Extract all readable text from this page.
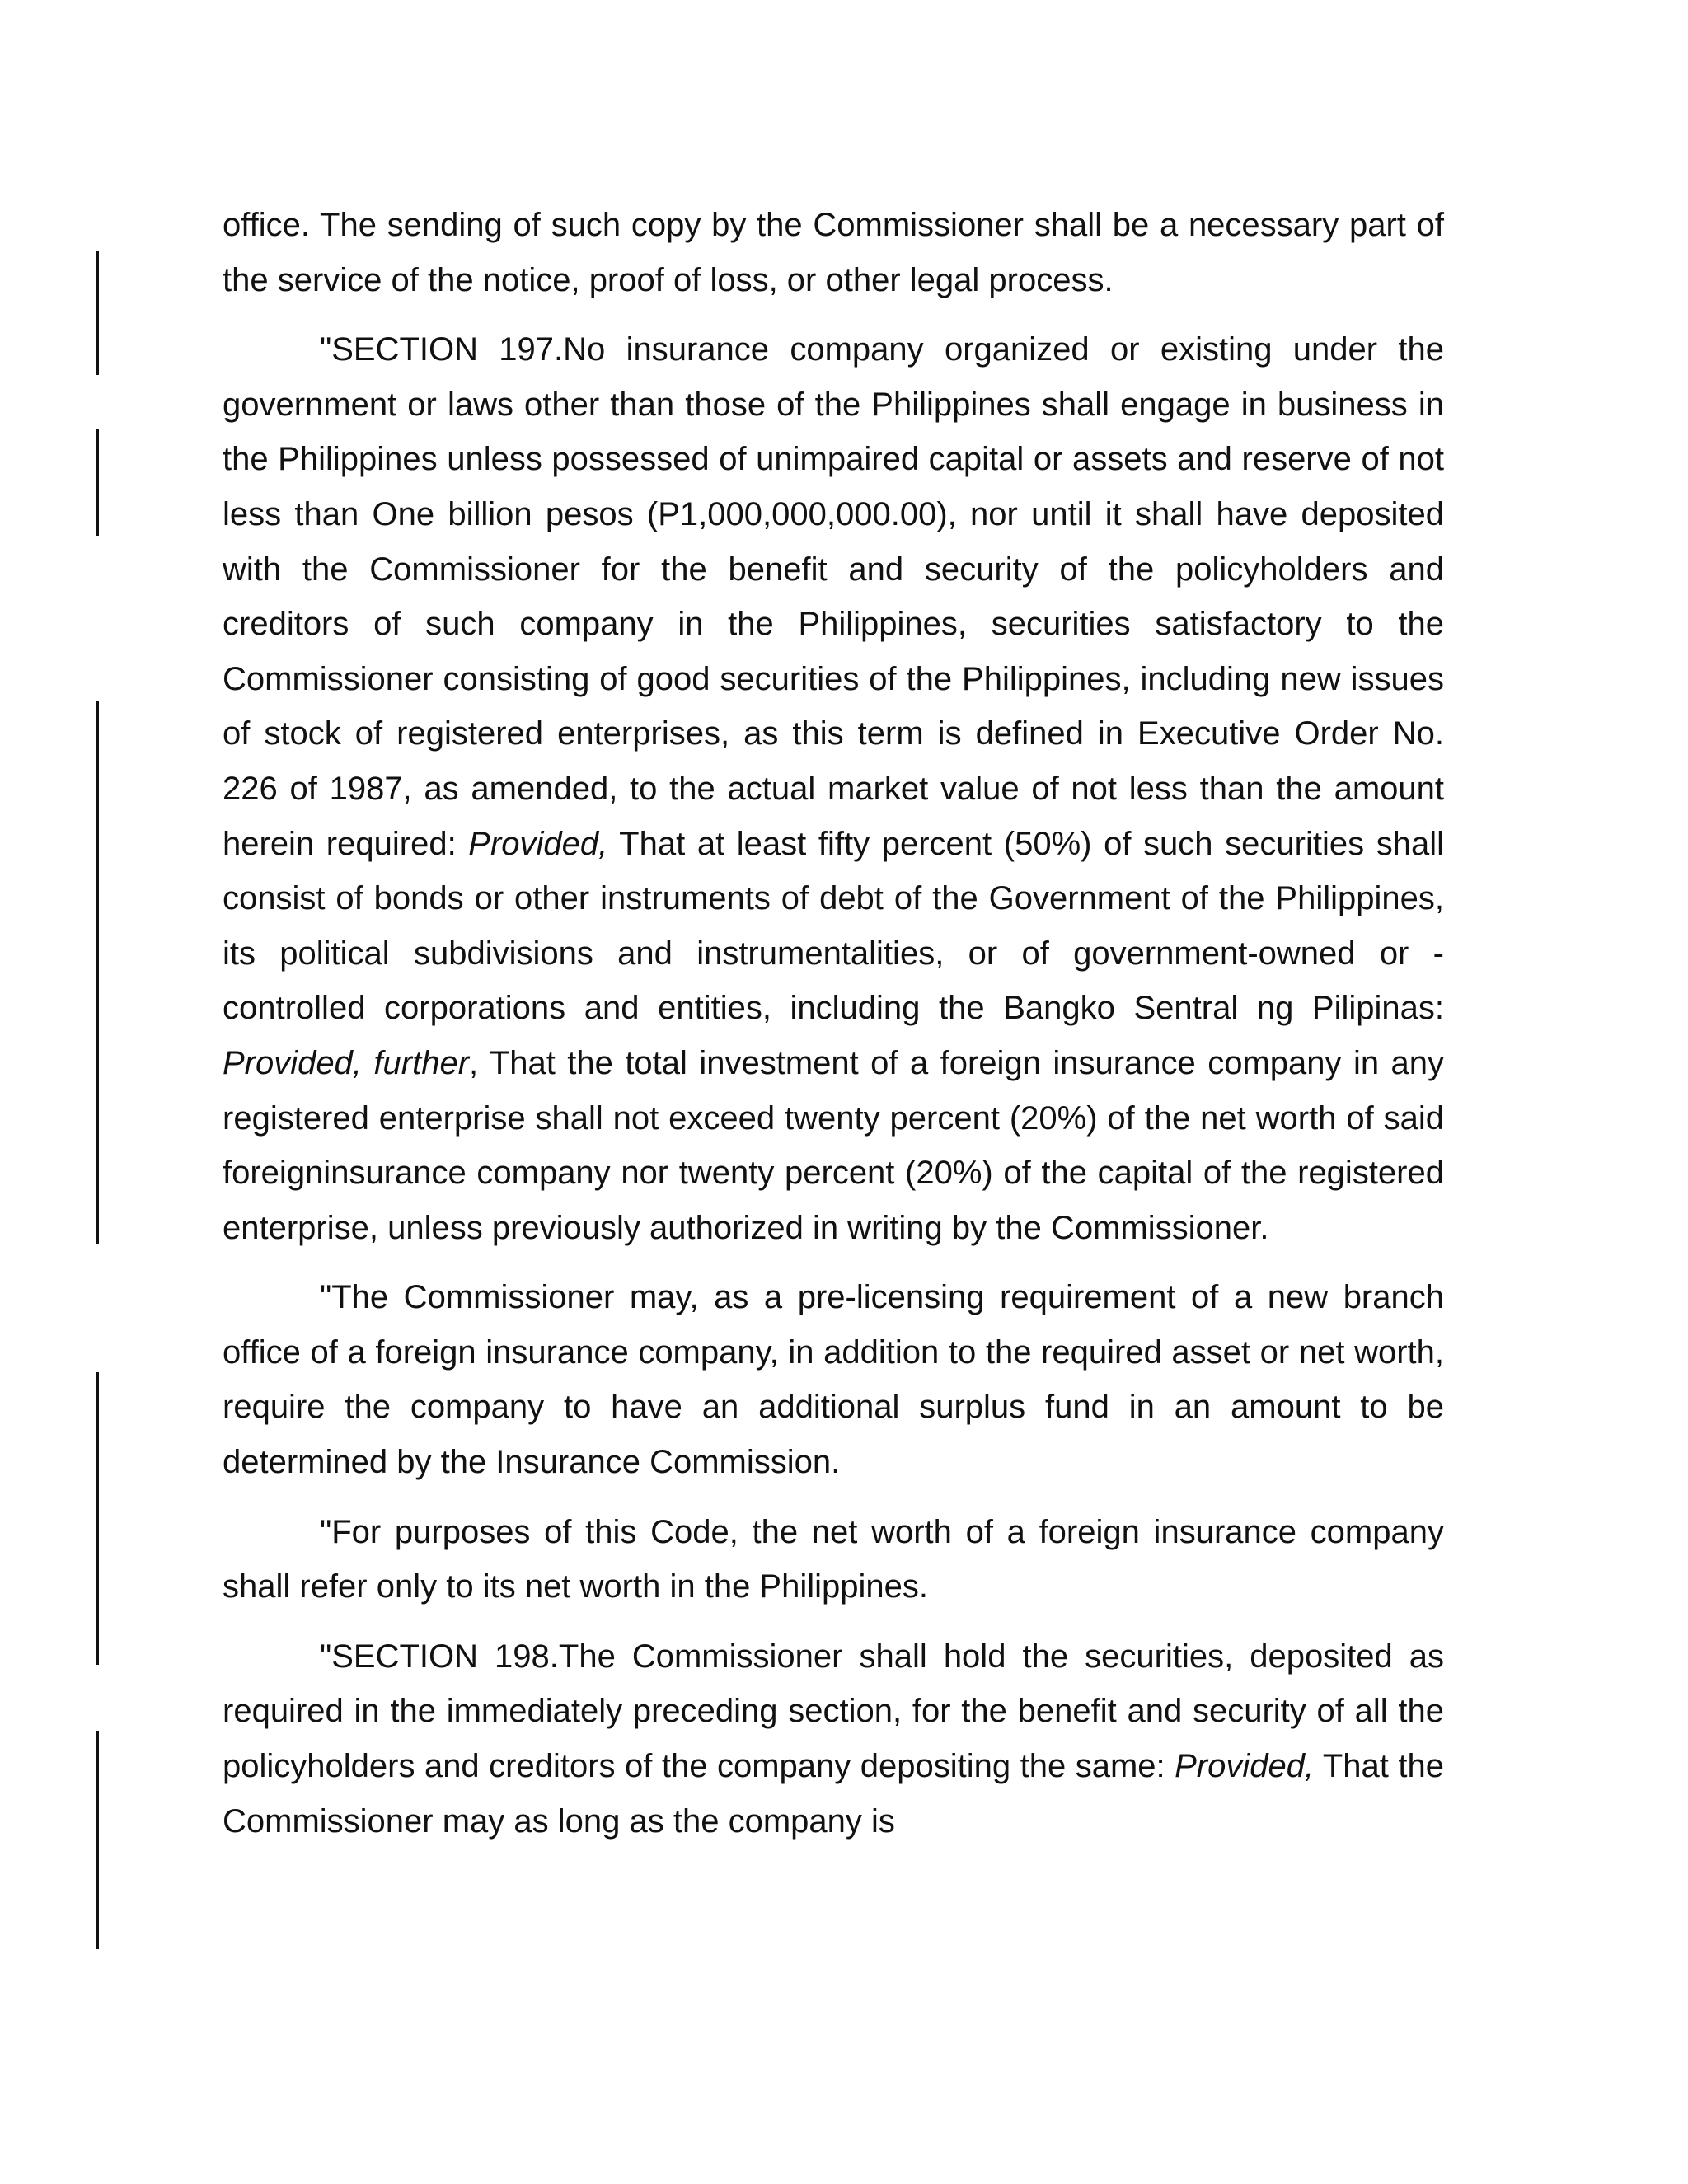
office. The sending of such copy by the Commissioner shall be a necessary part of the service of the notice, proof of loss, or other legal process.

"SECTION 197.No insurance company organized or existing under the government or laws other than those of the Philippines shall engage in business in the Philippines unless possessed of unimpaired capital or assets and reserve of not less than One billion pesos (P1,000,000,000.00), nor until it shall have deposited with the Commissioner for the benefit and security of the policyholders and creditors of such company in the Philippines, securities satisfactory to the Commissioner consisting of good securities of the Philippines, including new issues of stock of registered enterprises, as this term is defined in Executive Order No. 226 of 1987, as amended, to the actual market value of not less than the amount herein required: Provided, That at least fifty percent (50%) of such securities shall consist of bonds or other instruments of debt of the Government of the Philippines, its political subdivisions and instrumentalities, or of government-owned or -controlled corporations and entities, including the Bangko Sentral ng Pilipinas: Provided, further, That the total investment of a foreign insurance company in any registered enterprise shall not exceed twenty percent (20%) of the net worth of said foreigninsurance company nor twenty percent (20%) of the capital of the registered enterprise, unless previously authorized in writing by the Commissioner.

"The Commissioner may, as a pre-licensing requirement of a new branch office of a foreign insurance company, in addition to the required asset or net worth, require the company to have an additional surplus fund in an amount to be determined by the Insurance Commission.

"For purposes of this Code, the net worth of a foreign insurance company shall refer only to its net worth in the Philippines.

"SECTION 198.The Commissioner shall hold the securities, deposited as required in the immediately preceding section, for the benefit and security of all the policyholders and creditors of the company depositing the same: Provided, That the Commissioner may as long as the company is
